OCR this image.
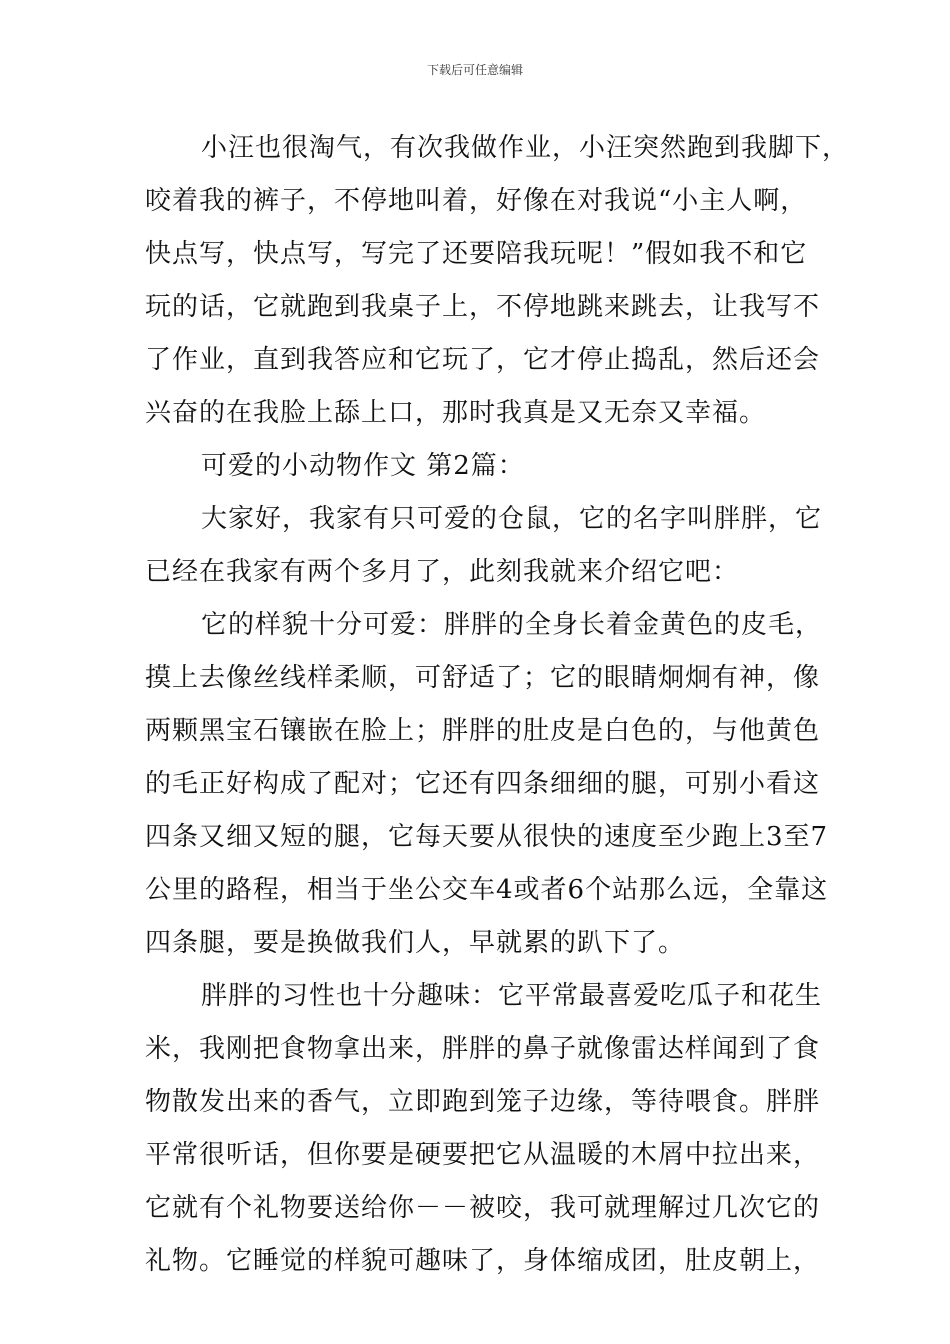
下载后可任意编辑
小汪也很淘气，有次我做作业，小汪突然跑到我脚下，
咬着我的裤子，不停地叫着，好像在对我说“小主人啊，
快点写，快点写，写完了还要陪我玩呢！”假如我不和它
玩的话，它就跑到我桌子上，不停地跳来跳去，让我写不
了作业，直到我答应和它玩了，它才停止捣乱，然后还会
兴奋的在我脸上舔上口，那时我真是又无奈又幸福。
可爱的小动物作文 第2篇：
大家好，我家有只可爱的仓鼠，它的名字叫胖胖，它
已经在我家有两个多月了，此刻我就来介绍它吧：
它的样貌十分可爱：胖胖的全身长着金黄色的皮毛，
摸上去像丝线样柔顺，可舒适了；它的眼睛炯炯有神，像
两颗黑宝石镶嵌在脸上；胖胖的肚皮是白色的，与他黄色
的毛正好构成了配对；它还有四条细细的腿，可别小看这
四条又细又短的腿，它每天要从很快的速度至少跑上3至7
公里的路程，相当于坐公交车4或者6个站那么远，全靠这
四条腿，要是换做我们人，早就累的趴下了。
胖胖的习性也十分趣味：它平常最喜爱吃瓜子和花生
米，我刚把食物拿出来，胖胖的鼻子就像雷达样闻到了食
物散发出来的香气，立即跑到笼子边缘，等待喂食。胖胖
平常很听话，但你要是硬要把它从温暖的木屑中拉出来，
它就有个礼物要送给你－－被咬，我可就理解过几次它的
礼物。它睡觉的样貌可趣味了，身体缩成团，肚皮朝上，
